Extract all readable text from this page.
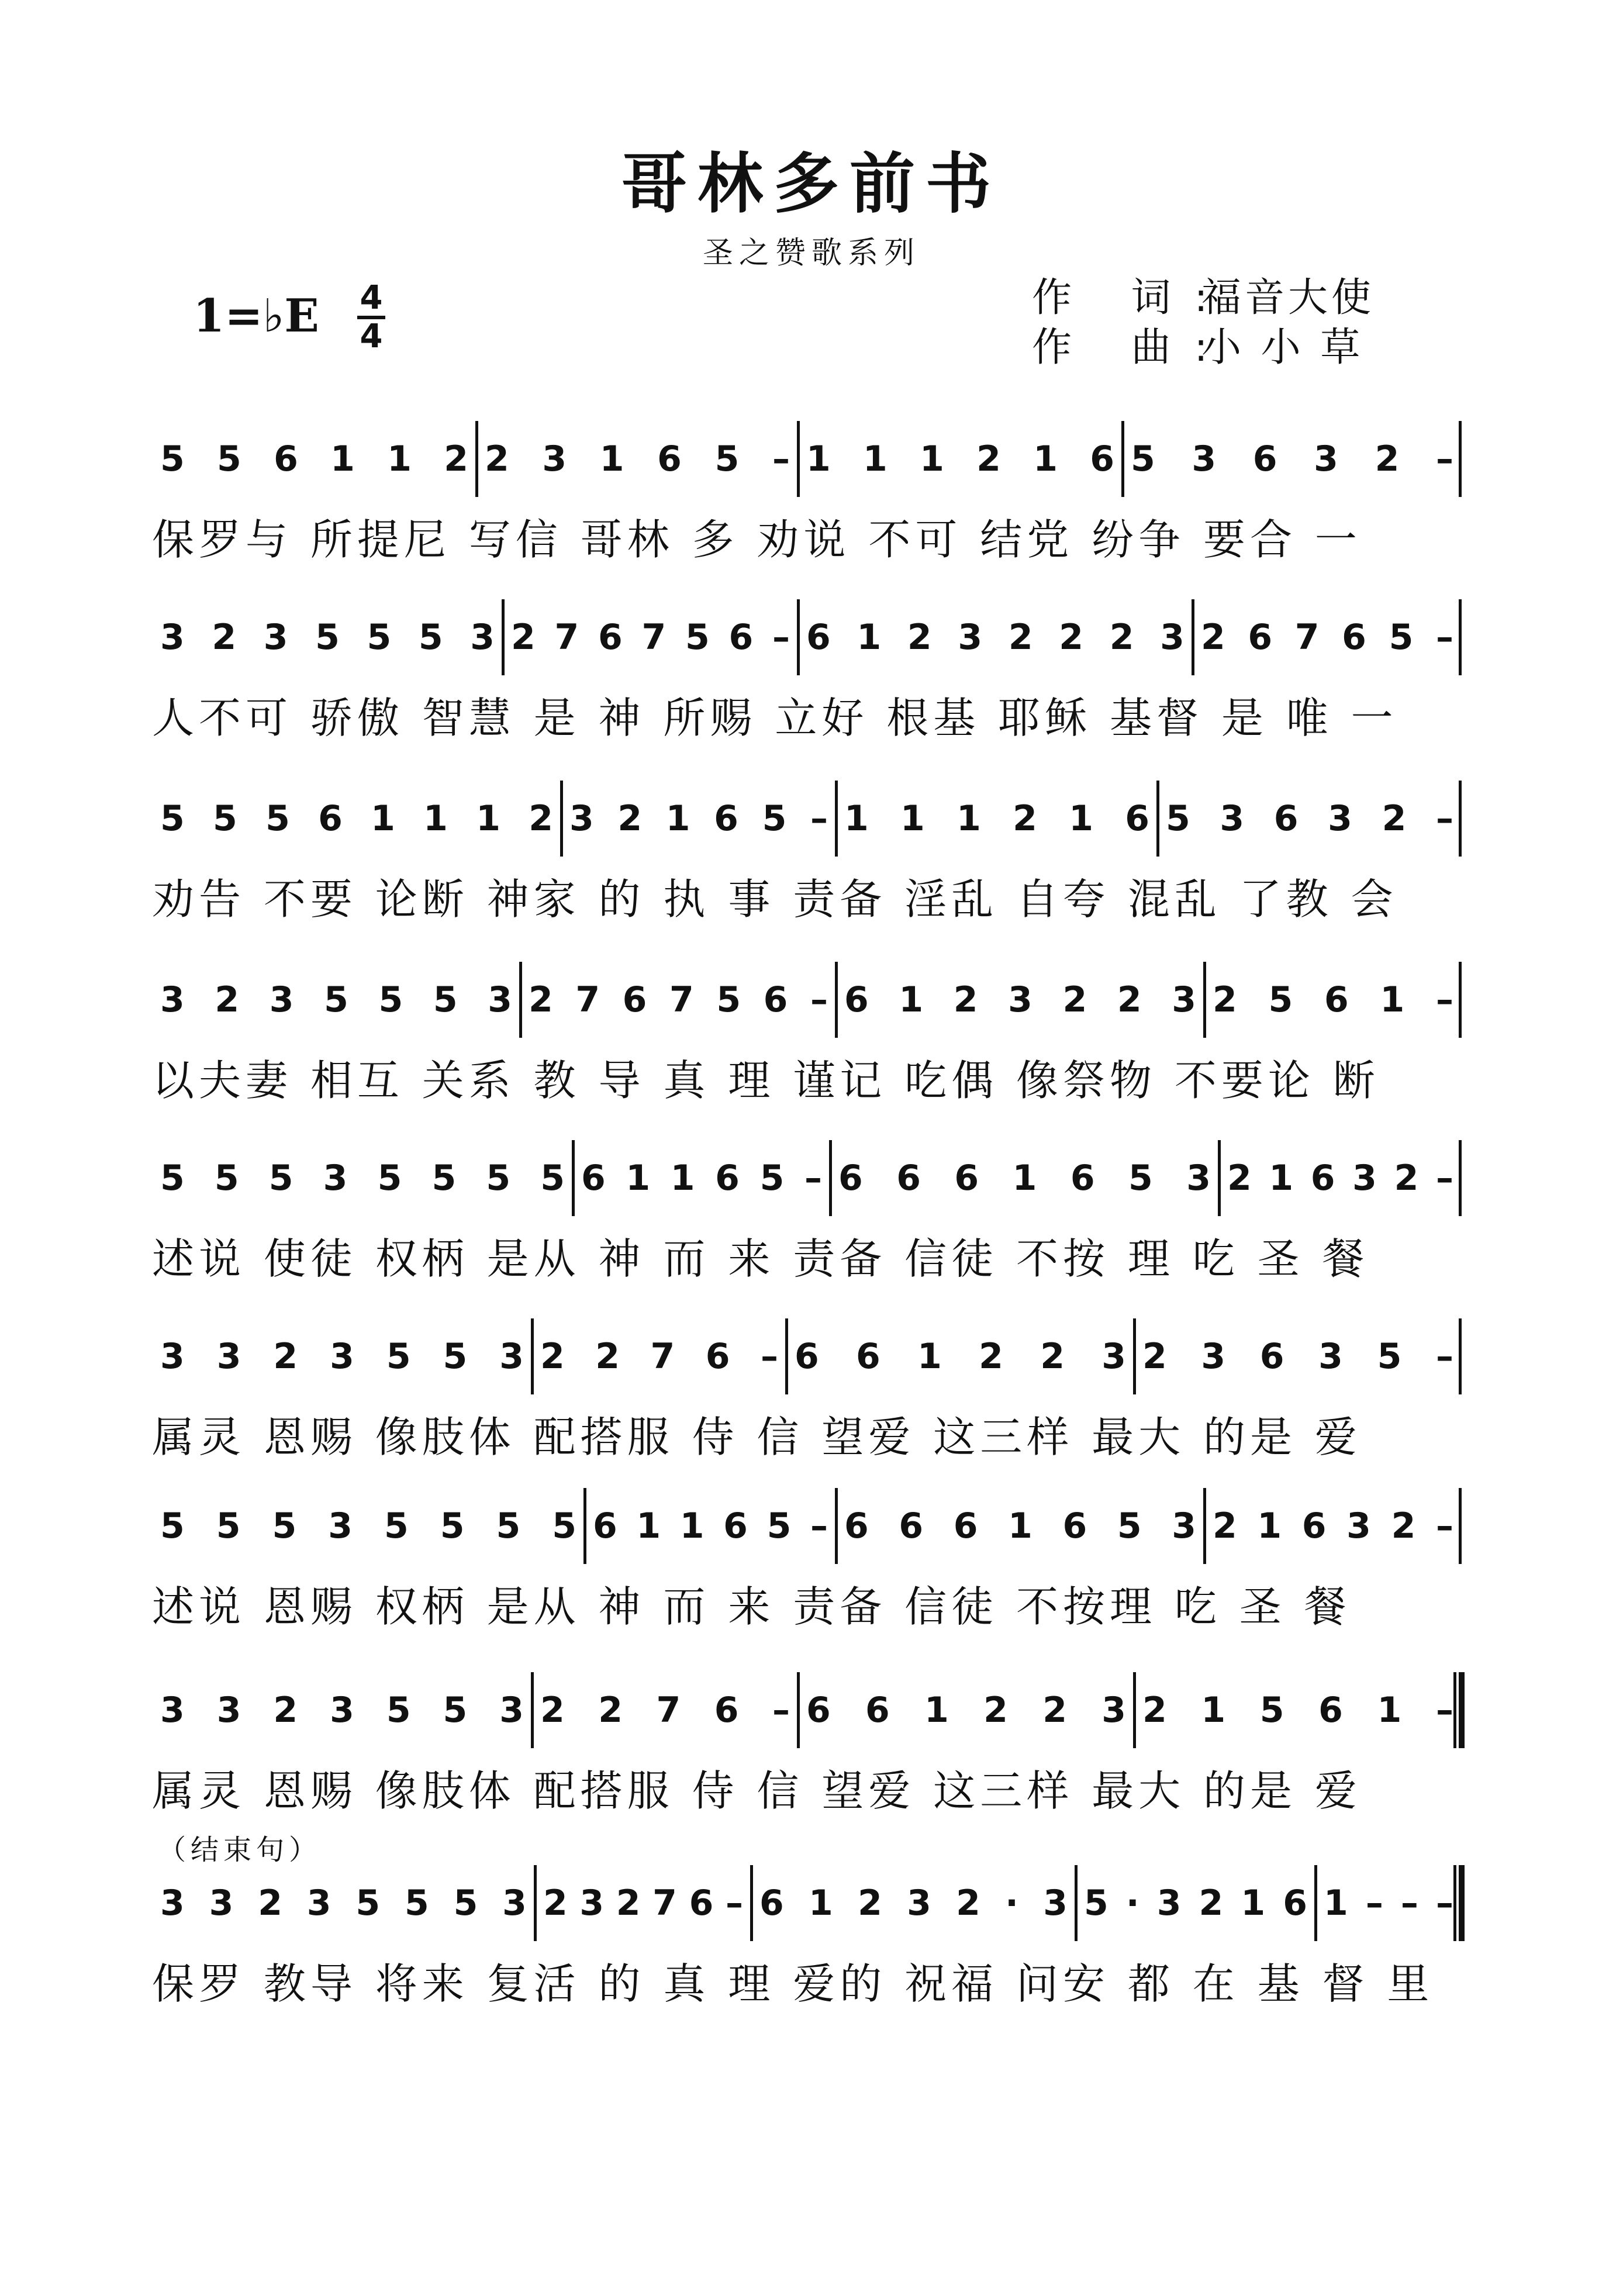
哥林多前书
圣之赞歌系列
1=♭E 4
4
作 词:福音大使
作 曲:小 小 草
（结束句）
5 5 6 1 1 2 2 3 1 6 5 – 1 1 1 2 1 6 5 3 6 3 2 –
保罗与 所提尼 写信 哥林 多 劝说 不可 结党 纷争 要合 一
3 2 3 5 5 5 3 2 7 6 7 5 6 – 6 1 2 3 2 2 2 3 2 6 7 6 5 –
人不可 骄傲 智慧 是 神 所赐 立好 根基 耶稣 基督 是 唯 一
5 5 5 6 1 1 1 2 3 2 1 6 5 – 1 1 1 2 1 6 5 3 6 3 2 –
劝告 不要 论断 神家 的 执 事 责备 淫乱 自夸 混乱 了教 会
3 2 3 5 5 5 3 2 7 6 7 5 6 – 6 1 2 3 2 2 3 2 5 6 1 –
以夫妻 相互 关系 教 导 真 理 谨记 吃偶 像祭物 不要论 断
5 5 5 3 5 5 5 5 6 1 1 6 5 – 6 6 6 1 6 5 3 2 1 6 3 2 –
述说 使徒 权柄 是从 神 而 来 责备 信徒 不按 理 吃 圣 餐
3 3 2 3 5 5 3 2 2 7 6 – 6 6 1 2 2 3 2 3 6 3 5 –
属灵 恩赐 像肢体 配搭服 侍 信 望爱 这三样 最大 的是 爱
5 5 5 3 5 5 5 5 6 1 1 6 5 – 6 6 6 1 6 5 3 2 1 6 3 2 –
述说 恩赐 权柄 是从 神 而 来 责备 信徒 不按理 吃 圣 餐
3 3 2 3 5 5 3 2 2 7 6 – 6 6 1 2 2 3 2 1 5 6 1 –
属灵 恩赐 像肢体 配搭服 侍 信 望爱 这三样 最大 的是 爱
3 3 2 3 5 5 5 3 2 3 2 7 6 – 6 1 2 3 2 · 3 5 · 3 2 1 6 1 – – –
保罗 教导 将来 复活 的 真 理 爱的 祝福 问安 都 在 基 督 里
